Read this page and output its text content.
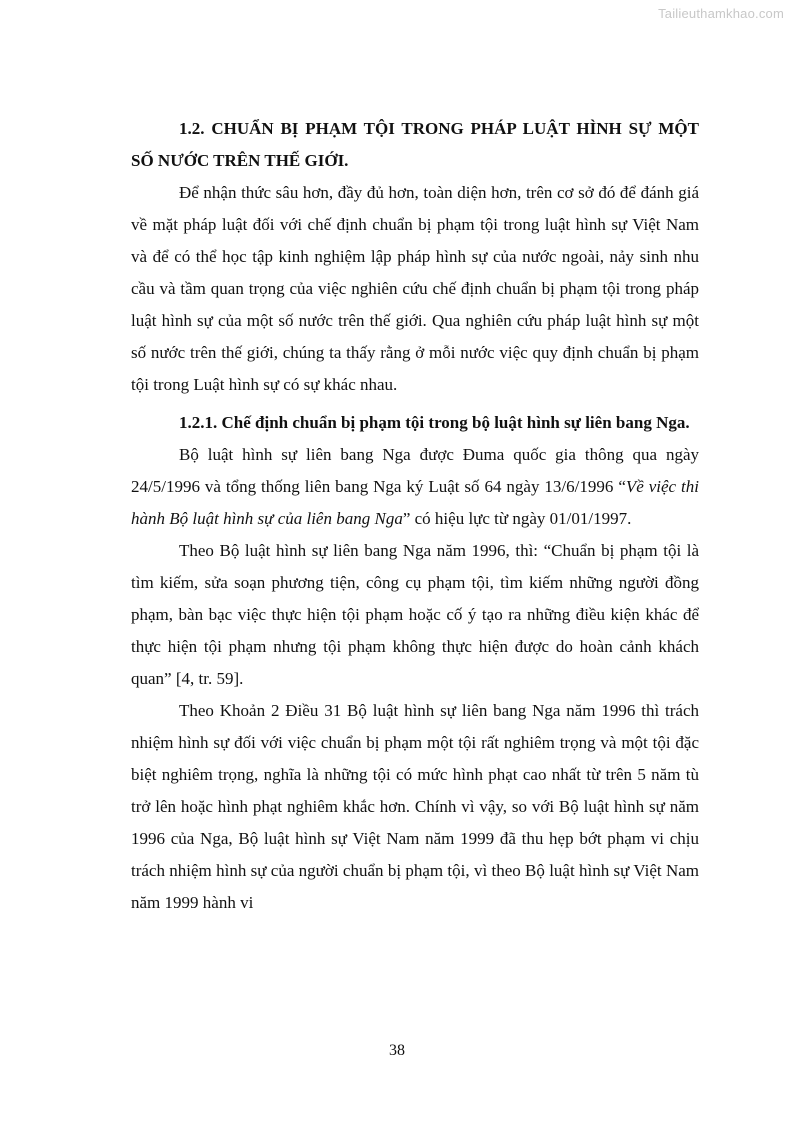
Tailieuthamkhao.com

1.2. CHUẨN BỊ PHẠM TỘI TRONG PHÁP LUẬT HÌNH SỰ MỘT SỐ NƯỚC TRÊN THẾ GIỚI.

Để nhận thức sâu hơn, đầy đủ hơn, toàn diện hơn, trên cơ sở đó để đánh giá về mặt pháp luật đối với chế định chuẩn bị phạm tội trong luật hình sự Việt Nam và để có thể học tập kinh nghiệm lập pháp hình sự của nước ngoài, nảy sinh nhu cầu và tầm quan trọng của việc nghiên cứu chế định chuẩn bị phạm tội trong pháp luật hình sự của một số nước trên thế giới. Qua nghiên cứu pháp luật hình sự một số nước trên thế giới, chúng ta thấy rằng ở mỗi nước việc quy định chuẩn bị phạm tội trong Luật hình sự có sự khác nhau.

1.2.1. Chế định chuẩn bị phạm tội trong bộ luật hình sự liên bang Nga.

Bộ luật hình sự liên bang Nga được Đuma quốc gia thông qua ngày 24/5/1996 và tổng thống liên bang Nga ký Luật số 64 ngày 13/6/1996 “Về việc thi hành Bộ luật hình sự của liên bang Nga” có hiệu lực từ ngày 01/01/1997.

Theo Bộ luật hình sự liên bang Nga năm 1996, thì: “Chuẩn bị phạm tội là tìm kiếm, sửa soạn phương tiện, công cụ phạm tội, tìm kiếm những người đồng phạm, bàn bạc việc thực hiện tội phạm hoặc cố ý tạo ra những điều kiện khác để thực hiện tội phạm nhưng tội phạm không thực hiện được do hoàn cảnh khách quan” [4, tr. 59].

Theo Khoản 2 Điều 31 Bộ luật hình sự liên bang Nga năm 1996 thì trách nhiệm hình sự đối với việc chuẩn bị phạm một tội rất nghiêm trọng và một tội đặc biệt nghiêm trọng, nghĩa là những tội có mức hình phạt cao nhất từ trên 5 năm tù trở lên hoặc hình phạt nghiêm khắc hơn. Chính vì vậy, so với Bộ luật hình sự năm 1996 của Nga, Bộ luật hình sự Việt Nam năm 1999 đã thu hẹp bớt phạm vi chịu trách nhiệm hình sự của người chuẩn bị phạm tội, vì theo Bộ luật hình sự Việt Nam năm 1999 hành vi

38
